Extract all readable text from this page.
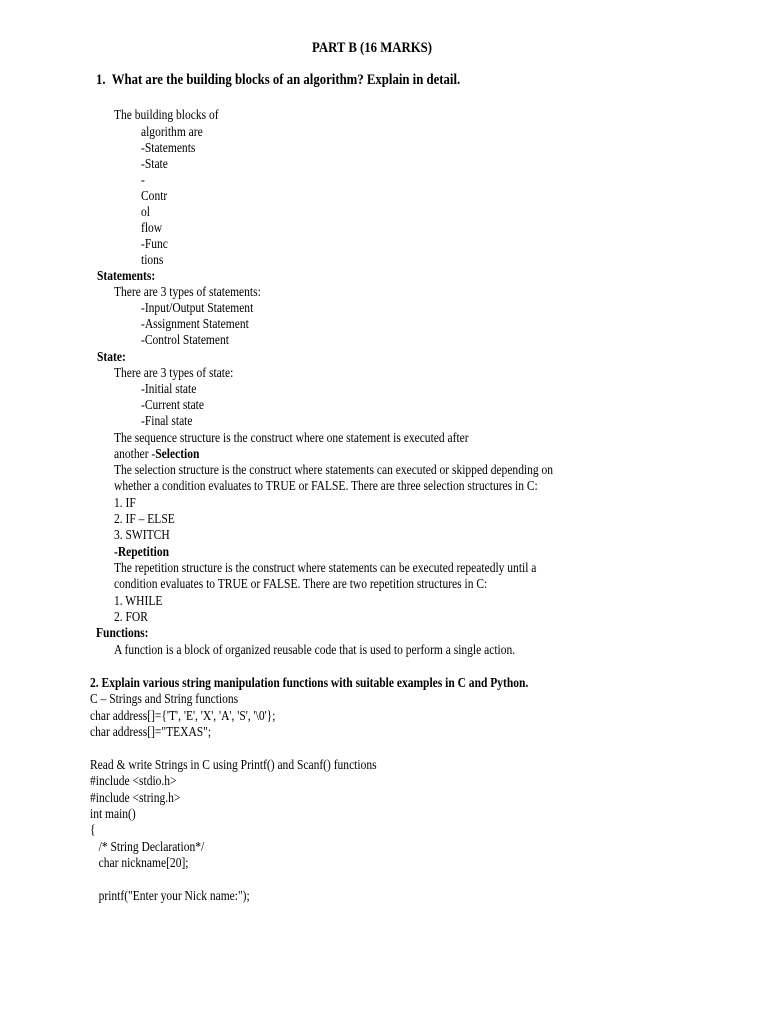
PART B (16 MARKS)
1.  What are the building blocks of an algorithm? Explain in detail.
The building blocks of
algorithm are
-Statements
-State
-
Contr
ol
flow
-Func
tions
Statements:
There are 3 types of statements:
-Input/Output Statement
-Assignment Statement
-Control Statement
State:
There are 3 types of state:
-Initial state
-Current state
-Final state
The sequence structure is the construct where one statement is executed after
another -Selection
The selection structure is the construct where statements can executed or skipped depending on
whether a condition evaluates to TRUE or FALSE. There are three selection structures in C:
1. IF
2. IF – ELSE
3. SWITCH
-Repetition
The repetition structure is the construct where statements can be executed repeatedly until a
condition evaluates to TRUE or FALSE. There are two repetition structures in C:
1. WHILE
2. FOR
Functions:
A function is a block of organized reusable code that is used to perform a single action.
2. Explain various string manipulation functions with suitable examples in C and Python.
C – Strings and String functions
char address[]={'T', 'E', 'X', 'A', 'S', '\0'};
char address[]="TEXAS";
Read & write Strings in C using Printf() and Scanf() functions
#include <stdio.h>
#include <string.h>
int main()
{
/* String Declaration*/
char nickname[20];
printf("Enter your Nick name:");
